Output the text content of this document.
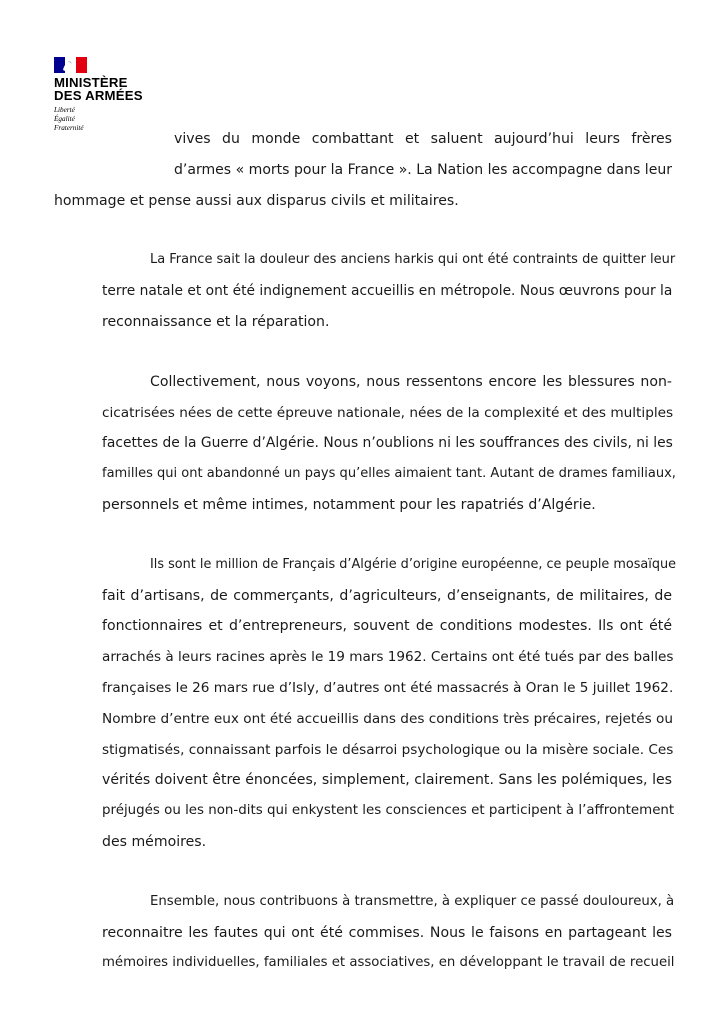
MINISTÈRE
DES ARMÉES
Liberté
Égalité
Fraternité

vives du monde combattant et saluent aujourd’hui leurs frères
d’armes « morts pour la France ». La Nation les accompagne dans leur
hommage et pense aussi aux disparus civils et militaires.

La France sait la douleur des anciens harkis qui ont été contraints de quitter leur
terre natale et ont été indignement accueillis en métropole. Nous œuvrons pour la
reconnaissance et la réparation.

Collectivement, nous voyons, nous ressentons encore les blessures non-
cicatrisées nées de cette épreuve nationale, nées de la complexité et des multiples
facettes de la Guerre d’Algérie. Nous n’oublions ni les souffrances des civils, ni les
familles qui ont abandonné un pays qu’elles aimaient tant. Autant de drames familiaux,
personnels et même intimes, notamment pour les rapatriés d’Algérie.

Ils sont le million de Français d’Algérie d’origine européenne, ce peuple mosaïque
fait d’artisans, de commerçants, d’agriculteurs, d’enseignants, de militaires, de
fonctionnaires et d’entrepreneurs, souvent de conditions modestes. Ils ont été
arrachés à leurs racines après le 19 mars 1962. Certains ont été tués par des balles
françaises le 26 mars rue d’Isly, d’autres ont été massacrés à Oran le 5 juillet 1962.
Nombre d’entre eux ont été accueillis dans des conditions très précaires, rejetés ou
stigmatisés, connaissant parfois le désarroi psychologique ou la misère sociale. Ces
vérités doivent être énoncées, simplement, clairement. Sans les polémiques, les
préjugés ou les non-dits qui enkystent les consciences et participent à l’affrontement
des mémoires.

Ensemble, nous contribuons à transmettre, à expliquer ce passé douloureux, à
reconnaitre les fautes qui ont été commises. Nous le faisons en partageant les
mémoires individuelles, familiales et associatives, en développant le travail de recueil
